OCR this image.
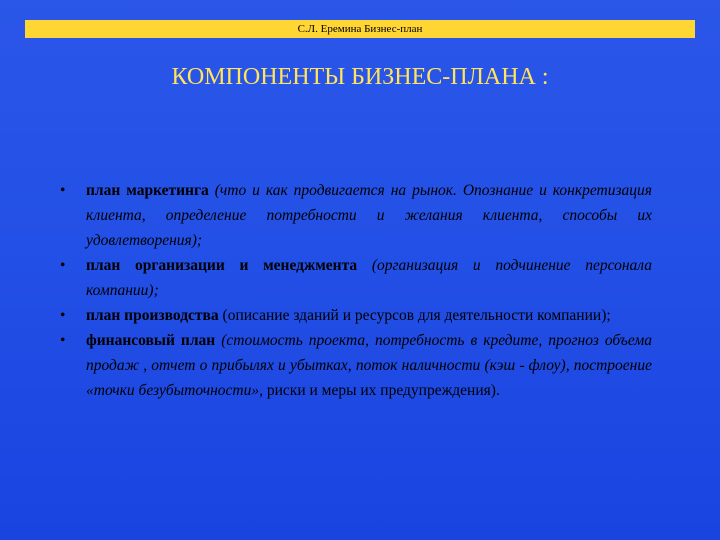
С.Л. Еремина Бизнес-план
КОМПОНЕНТЫ БИЗНЕС-ПЛАНА :
•	план маркетинга (что и как продвигается на рынок. Опознание и конкретизация клиента, определение потребности и желания клиента, способы их удовлетворения);
•	план организации и менеджмента (организация и подчинение персонала компании);
•	план производства (описание зданий и ресурсов для деятельности компании);
•	финансовый план (стоимость проекта, потребность в кредите, прогноз объема продаж , отчет о прибылях и убытках, поток наличности (кэш - флоу), построение «точки безубыточности», риски и меры их предупреждения).
